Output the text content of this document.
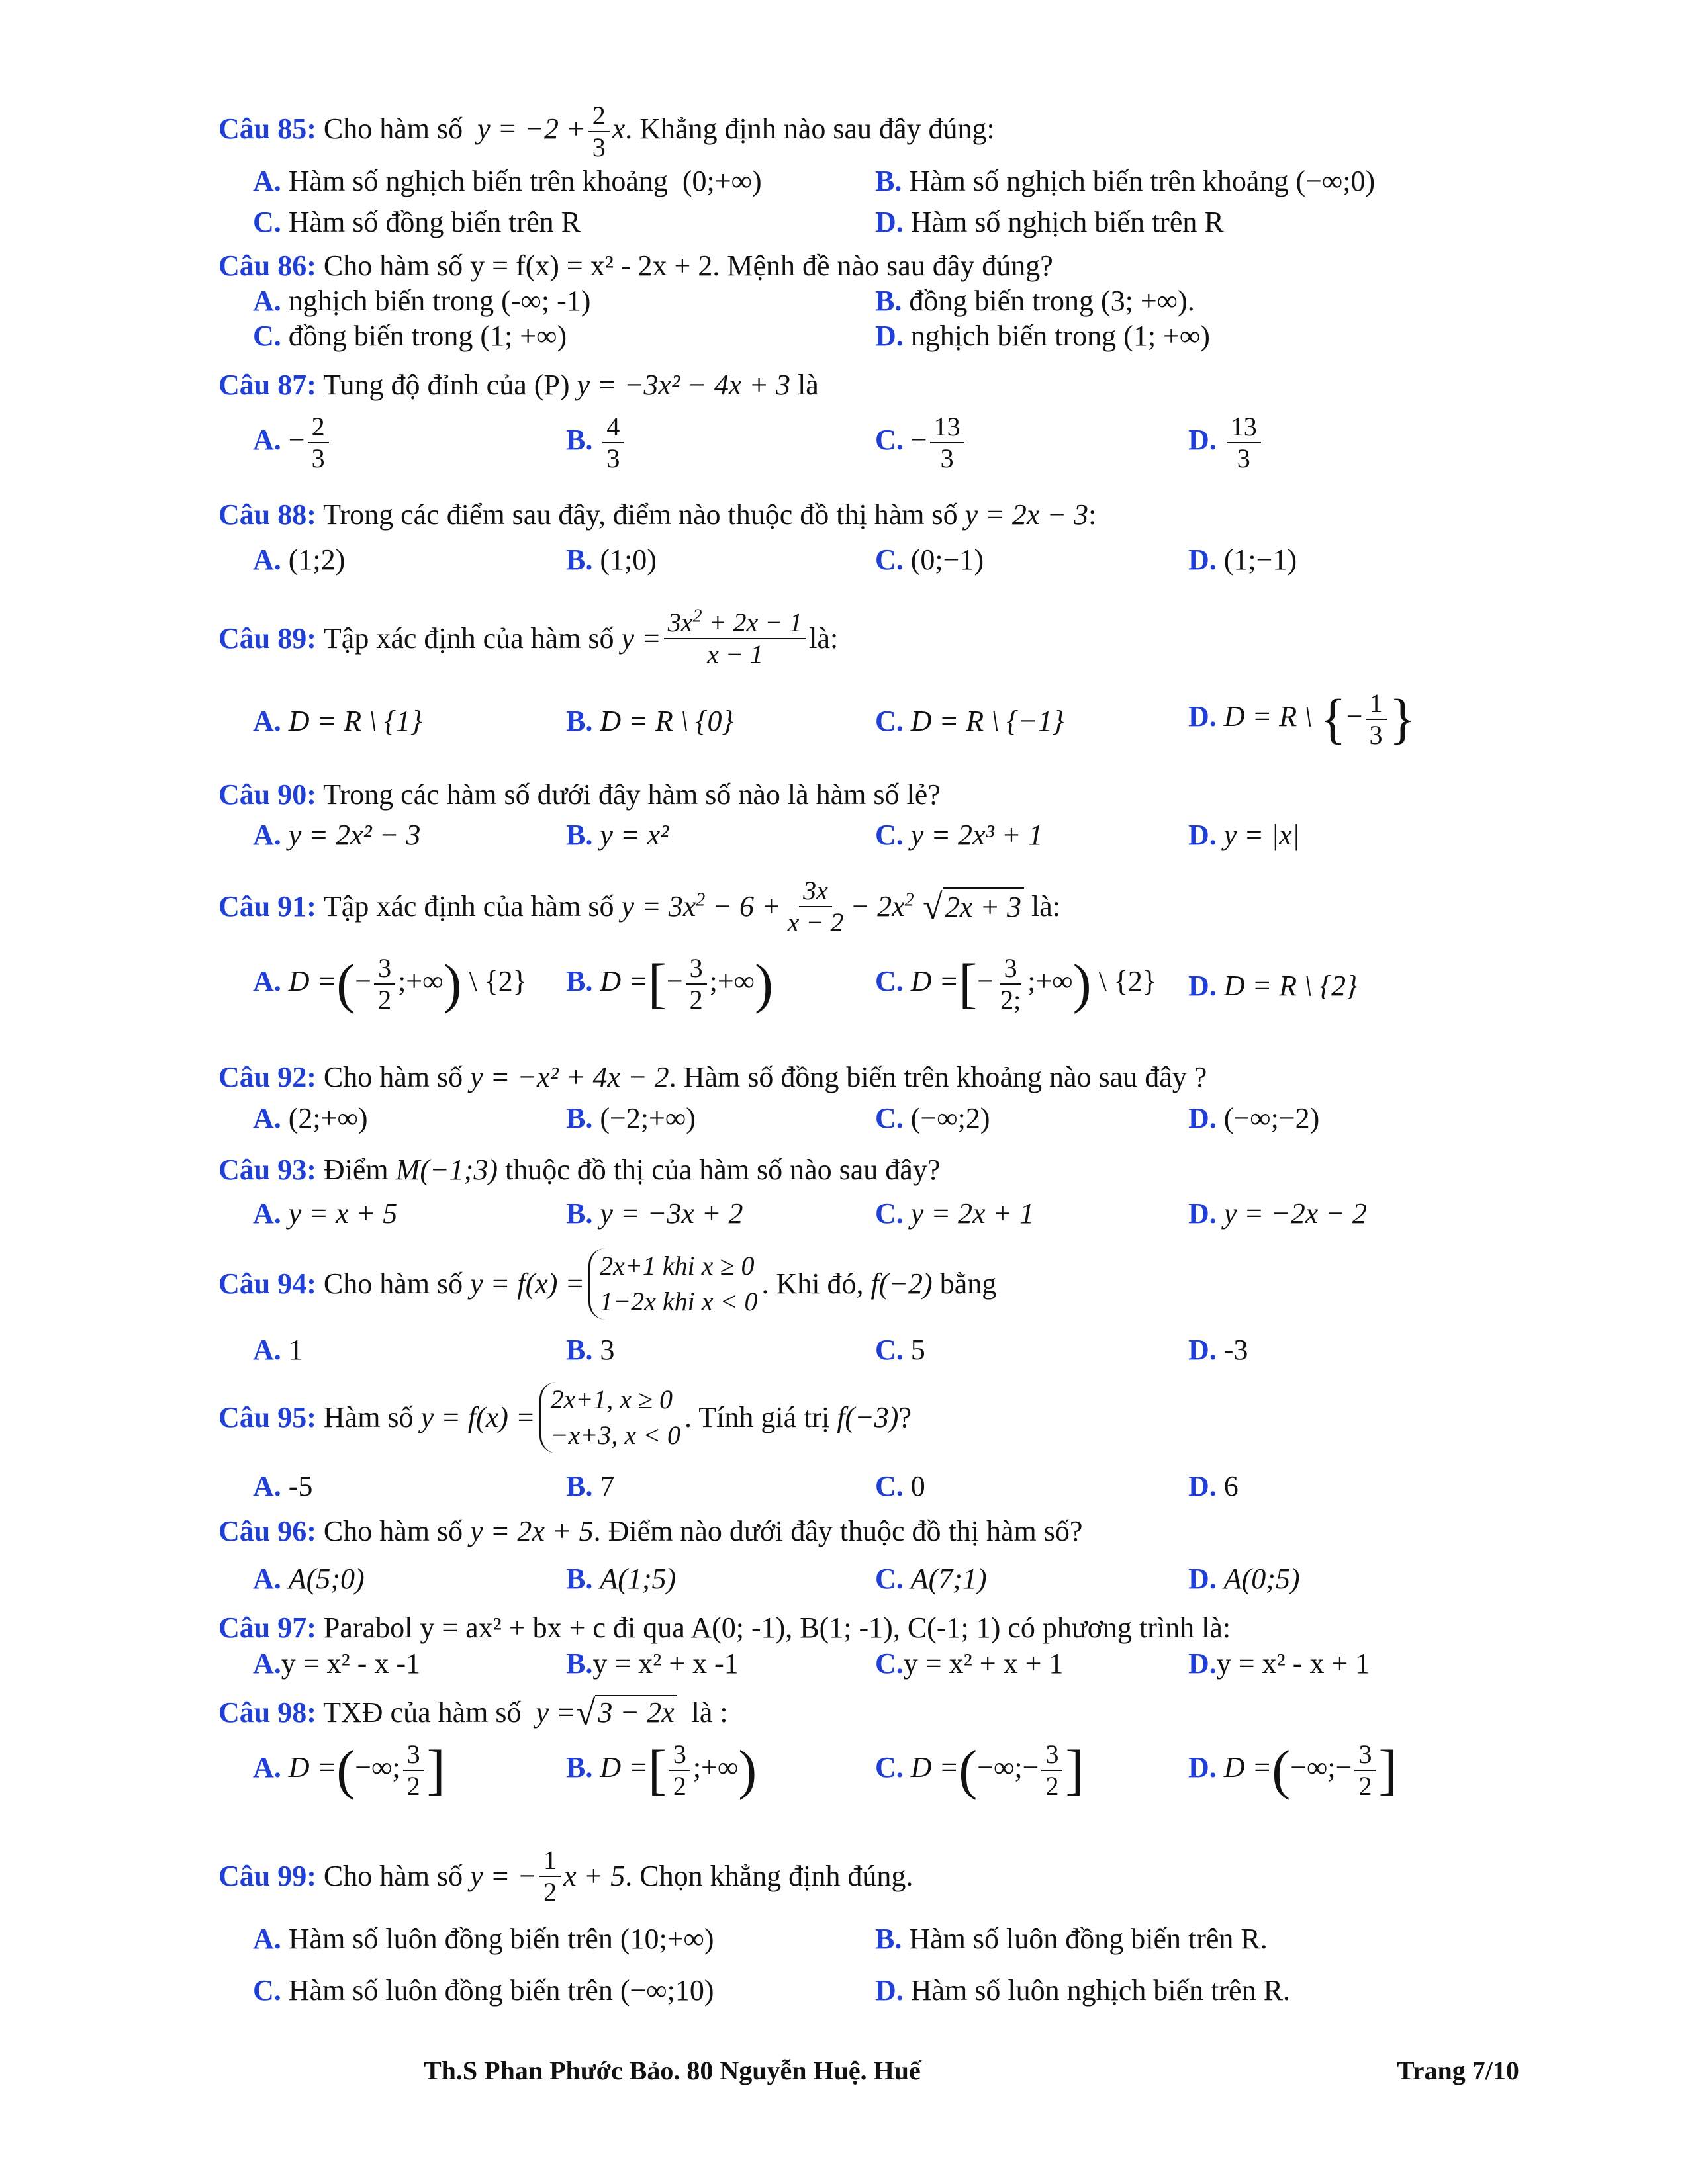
Câu 85: Cho hàm số  $y = -2 + \frac{2}{3} x$. Khẳng định nào sau đây đúng:
A. Hàm số nghịch biến trên khoảng (0;+∞)	B. Hàm số nghịch biến trên khoảng (−∞;0)
C. Hàm số đồng biến trên R	D. Hàm số nghịch biến trên R
Câu 86: Cho hàm số y = f(x) = x² - 2x + 2. Mệnh đề nào sau đây đúng?
A. nghịch biến trong (-∞; -1)	B. đồng biến trong (3; +∞).
C. đồng biến trong (1; +∞)	D. nghịch biến trong (1; +∞)
Câu 87: Tung độ đỉnh của (P) y = −3x² − 4x + 3 là
A. − $\frac{2}{3}$	B. $\frac{4}{3}$	C. − $\frac{13}{3}$	D. $\frac{13}{3}$
Câu 88: Trong các điểm sau đây, điểm nào thuộc đồ thị hàm số y = 2x − 3:
A. (1;2)	B. (1;0)	C. (0;−1)	D. (1;−1)
Câu 89:
Tập xác định của hàm số $y = \frac{3x^2 + 2x - 1}{x - 1}$ là:
A. D = R \ {1}	B. D = R \ {0}	C. D = R \ {−1}	D. D = R \ {− $\frac{1}{3}$ }
Câu 90: Trong các hàm số dưới đây hàm số nào là hàm số lẻ?
A. y = 2x² − 3	B. y = x²	C. y = 2x³ + 1	D. y = |x|
Câu 91:
Tập xác định của hàm số $y = 3x^2 - 6 + \frac{3x}{x - 2} - 2x^2$ √ 2x + 3
là:
A. D =(− $\frac{3}{2}$ ;+∞) \ {2} B. D =[− $\frac{3}{2}$ ;+∞)	C. D =[− $\frac{3}{2;}$ ;+∞) \ {2} D. D = R \ {2}
Câu 92: Cho hàm số y = −x² + 4x − 2. Hàm số đồng biến trên khoảng nào sau đây ?
A. (2;+∞)	B. (−2;+∞)	C. (−∞;2)	D. (−∞;−2)
Câu 93: Điểm M(−1;3) thuộc đồ thị của hàm số nào sau đây?
A. y = x + 5	B. y = −3x + 2	C. y = 2x + 1	D. y = −2x − 2
Câu 94:
Cho hàm số y = f(x) =
2x+1 khi x ≥ 0
1−2x khi x < 0
. Khi đó,
f(−2)
bằng
A. 1	B. 3	C. 5	D. -3
Câu 95:
Hàm số y = f(x) =
2x+1, x ≥ 0
−x+3, x < 0
. Tính giá trị
f(−3) ?
A. -5	B. 7	C. 0	D. 6
Câu 96: Cho hàm số y = 2x + 5. Điểm nào dưới đây thuộc đồ thị hàm số?
A. A(5;0)	B. A(1;5)	C. A(7;1)	D. A(0;5)
Câu 97: Parabol y = ax² + bx + c đi qua A(0; -1), B(1; -1), C(-1; 1) có phương trình là:
A.y = x² - x -1	B.y = x² + x -1	C.y = x² + x + 1	D.y = x² - x + 1
Câu 98: TXĐ của hàm số  y =√3 − 2x là :
A. D =(−∞; $\frac{3}{2}$ ]	B. D =[ $\frac{3}{2}$ ;+∞)	C. D =(−∞;− $\frac{3}{2}$ ]	D. D =(−∞;− $\frac{3}{2}$ ]
Câu 99:
Cho hàm số y = − $\frac{1}{2}$ x + 5 . Chọn khẳng định đúng.
A. Hàm số luôn đồng biến trên (10;+∞)	B. Hàm số luôn đồng biến trên R.
C. Hàm số luôn đồng biến trên (−∞;10)	D. Hàm số luôn nghịch biến trên R.
Th.S Phan Phước Bảo. 80 Nguyễn Huệ. Huế	Trang 7/10
